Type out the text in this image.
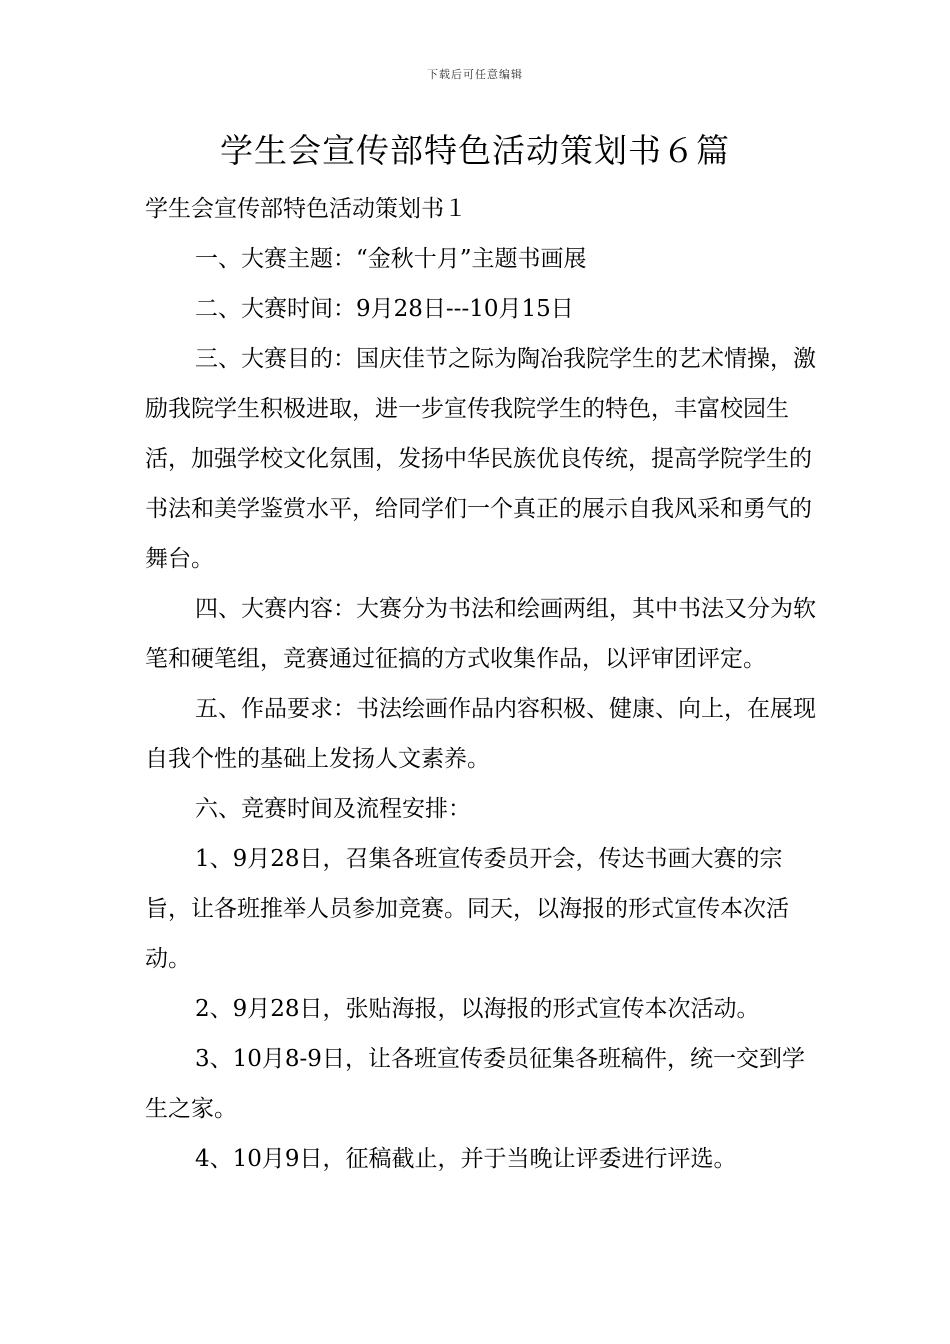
下载后可任意编辑
学生会宣传部特色活动策划书６篇

学生会宣传部特色活动策划书１

一、大赛主题：“金秋十月”主题书画展

二、大赛时间：9月28日---10月15日

三、大赛目的：国庆佳节之际为陶冶我院学生的艺术情操，激励我院学生积极进取，进一步宣传我院学生的特色，丰富校园生活，加强学校文化氛围，发扬中华民族优良传统，提高学院学生的书法和美学鉴赏水平，给同学们一个真正的展示自我风采和勇气的舞台。

四、大赛内容：大赛分为书法和绘画两组，其中书法又分为软笔和硬笔组，竞赛通过征搞的方式收集作品，以评审团评定。

五、作品要求：书法绘画作品内容积极、健康、向上，在展现自我个性的基础上发扬人文素养。

六、竞赛时间及流程安排：

1、9月28日，召集各班宣传委员开会，传达书画大赛的宗旨，让各班推举人员参加竞赛。同天，以海报的形式宣传本次活动。

2、9月28日，张贴海报，以海报的形式宣传本次活动。

3、10月8-9日，让各班宣传委员征集各班稿件，统一交到学生之家。

4、10月9日，征稿截止，并于当晚让评委进行评选。
